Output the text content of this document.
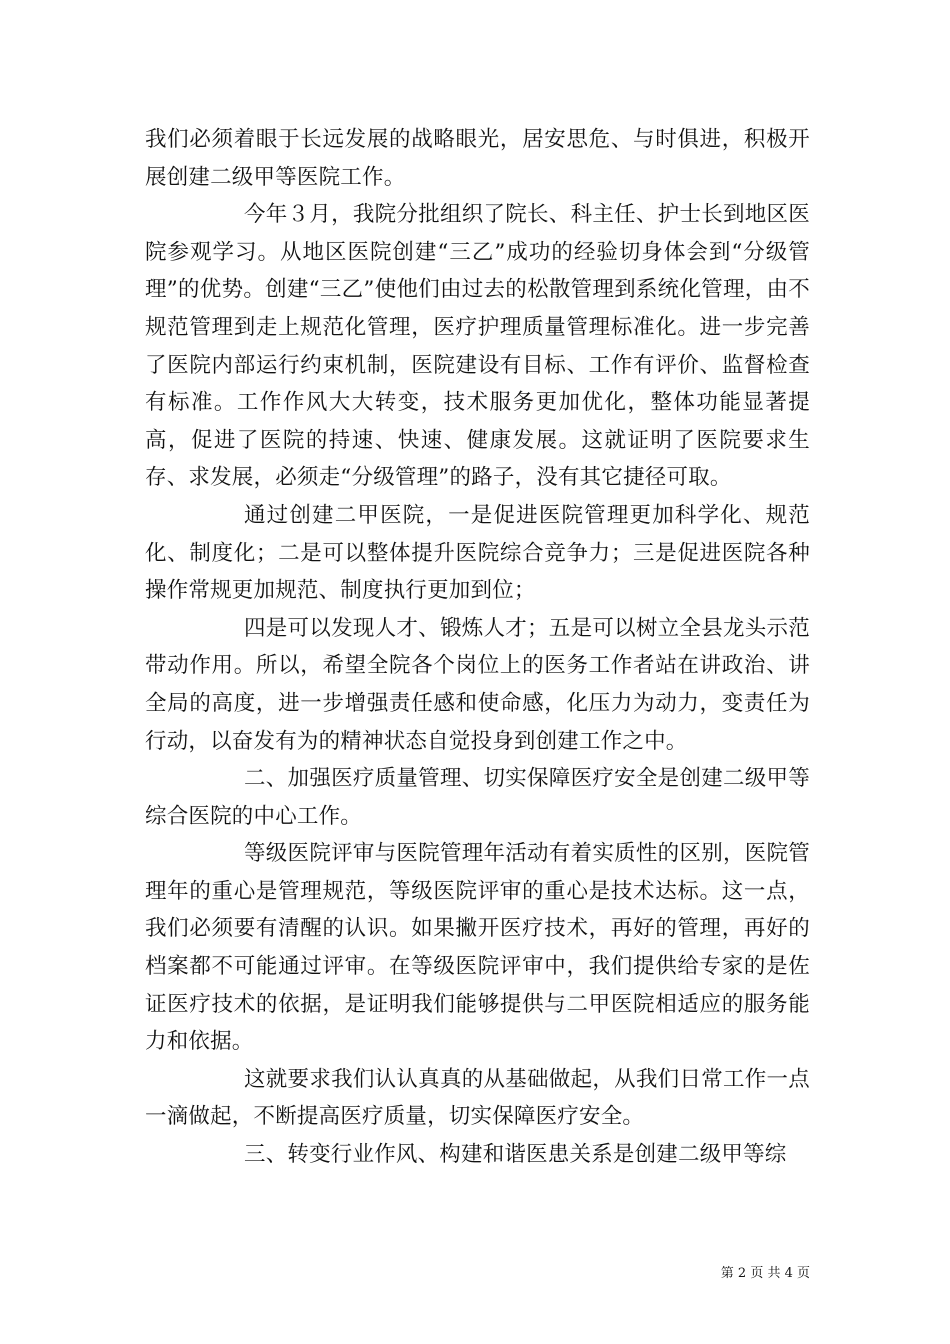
我们必须着眼于长远发展的战略眼光，居安思危、与时俱进，积极开展创建二级甲等医院工作。

今年３月，我院分批组织了院长、科主任、护士长到地区医院参观学习。从地区医院创建“三乙”成功的经验切身体会到“分级管理”的优势。创建“三乙”使他们由过去的松散管理到系统化管理，由不规范管理到走上规范化管理，医疗护理质量管理标准化。进一步完善了医院内部运行约束机制，医院建设有目标、工作有评价、监督检查有标准。工作作风大大转变，技术服务更加优化，整体功能显著提高，促进了医院的持速、快速、健康发展。这就证明了医院要求生存、求发展，必须走“分级管理”的路子，没有其它捷径可取。

通过创建二甲医院，一是促进医院管理更加科学化、规范化、制度化；二是可以整体提升医院综合竞争力；三是促进医院各种操作常规更加规范、制度执行更加到位；

四是可以发现人才、锻炼人才；五是可以树立全县龙头示范带动作用。所以，希望全院各个岗位上的医务工作者站在讲政治、讲全局的高度，进一步增强责任感和使命感，化压力为动力，变责任为行动，以奋发有为的精神状态自觉投身到创建工作之中。

二、加强医疗质量管理、切实保障医疗安全是创建二级甲等综合医院的中心工作。

等级医院评审与医院管理年活动有着实质性的区别，医院管理年的重心是管理规范，等级医院评审的重心是技术达标。这一点，我们必须要有清醒的认识。如果撇开医疗技术，再好的管理，再好的档案都不可能通过评审。在等级医院评审中，我们提供给专家的是佐证医疗技术的依据，是证明我们能够提供与二甲医院相适应的服务能力和依据。

这就要求我们认认真真的从基础做起，从我们日常工作一点一滴做起，不断提高医疗质量，切实保障医疗安全。

三、转变行业作风、构建和谐医患关系是创建二级甲等综

第 2 页 共 4 页
